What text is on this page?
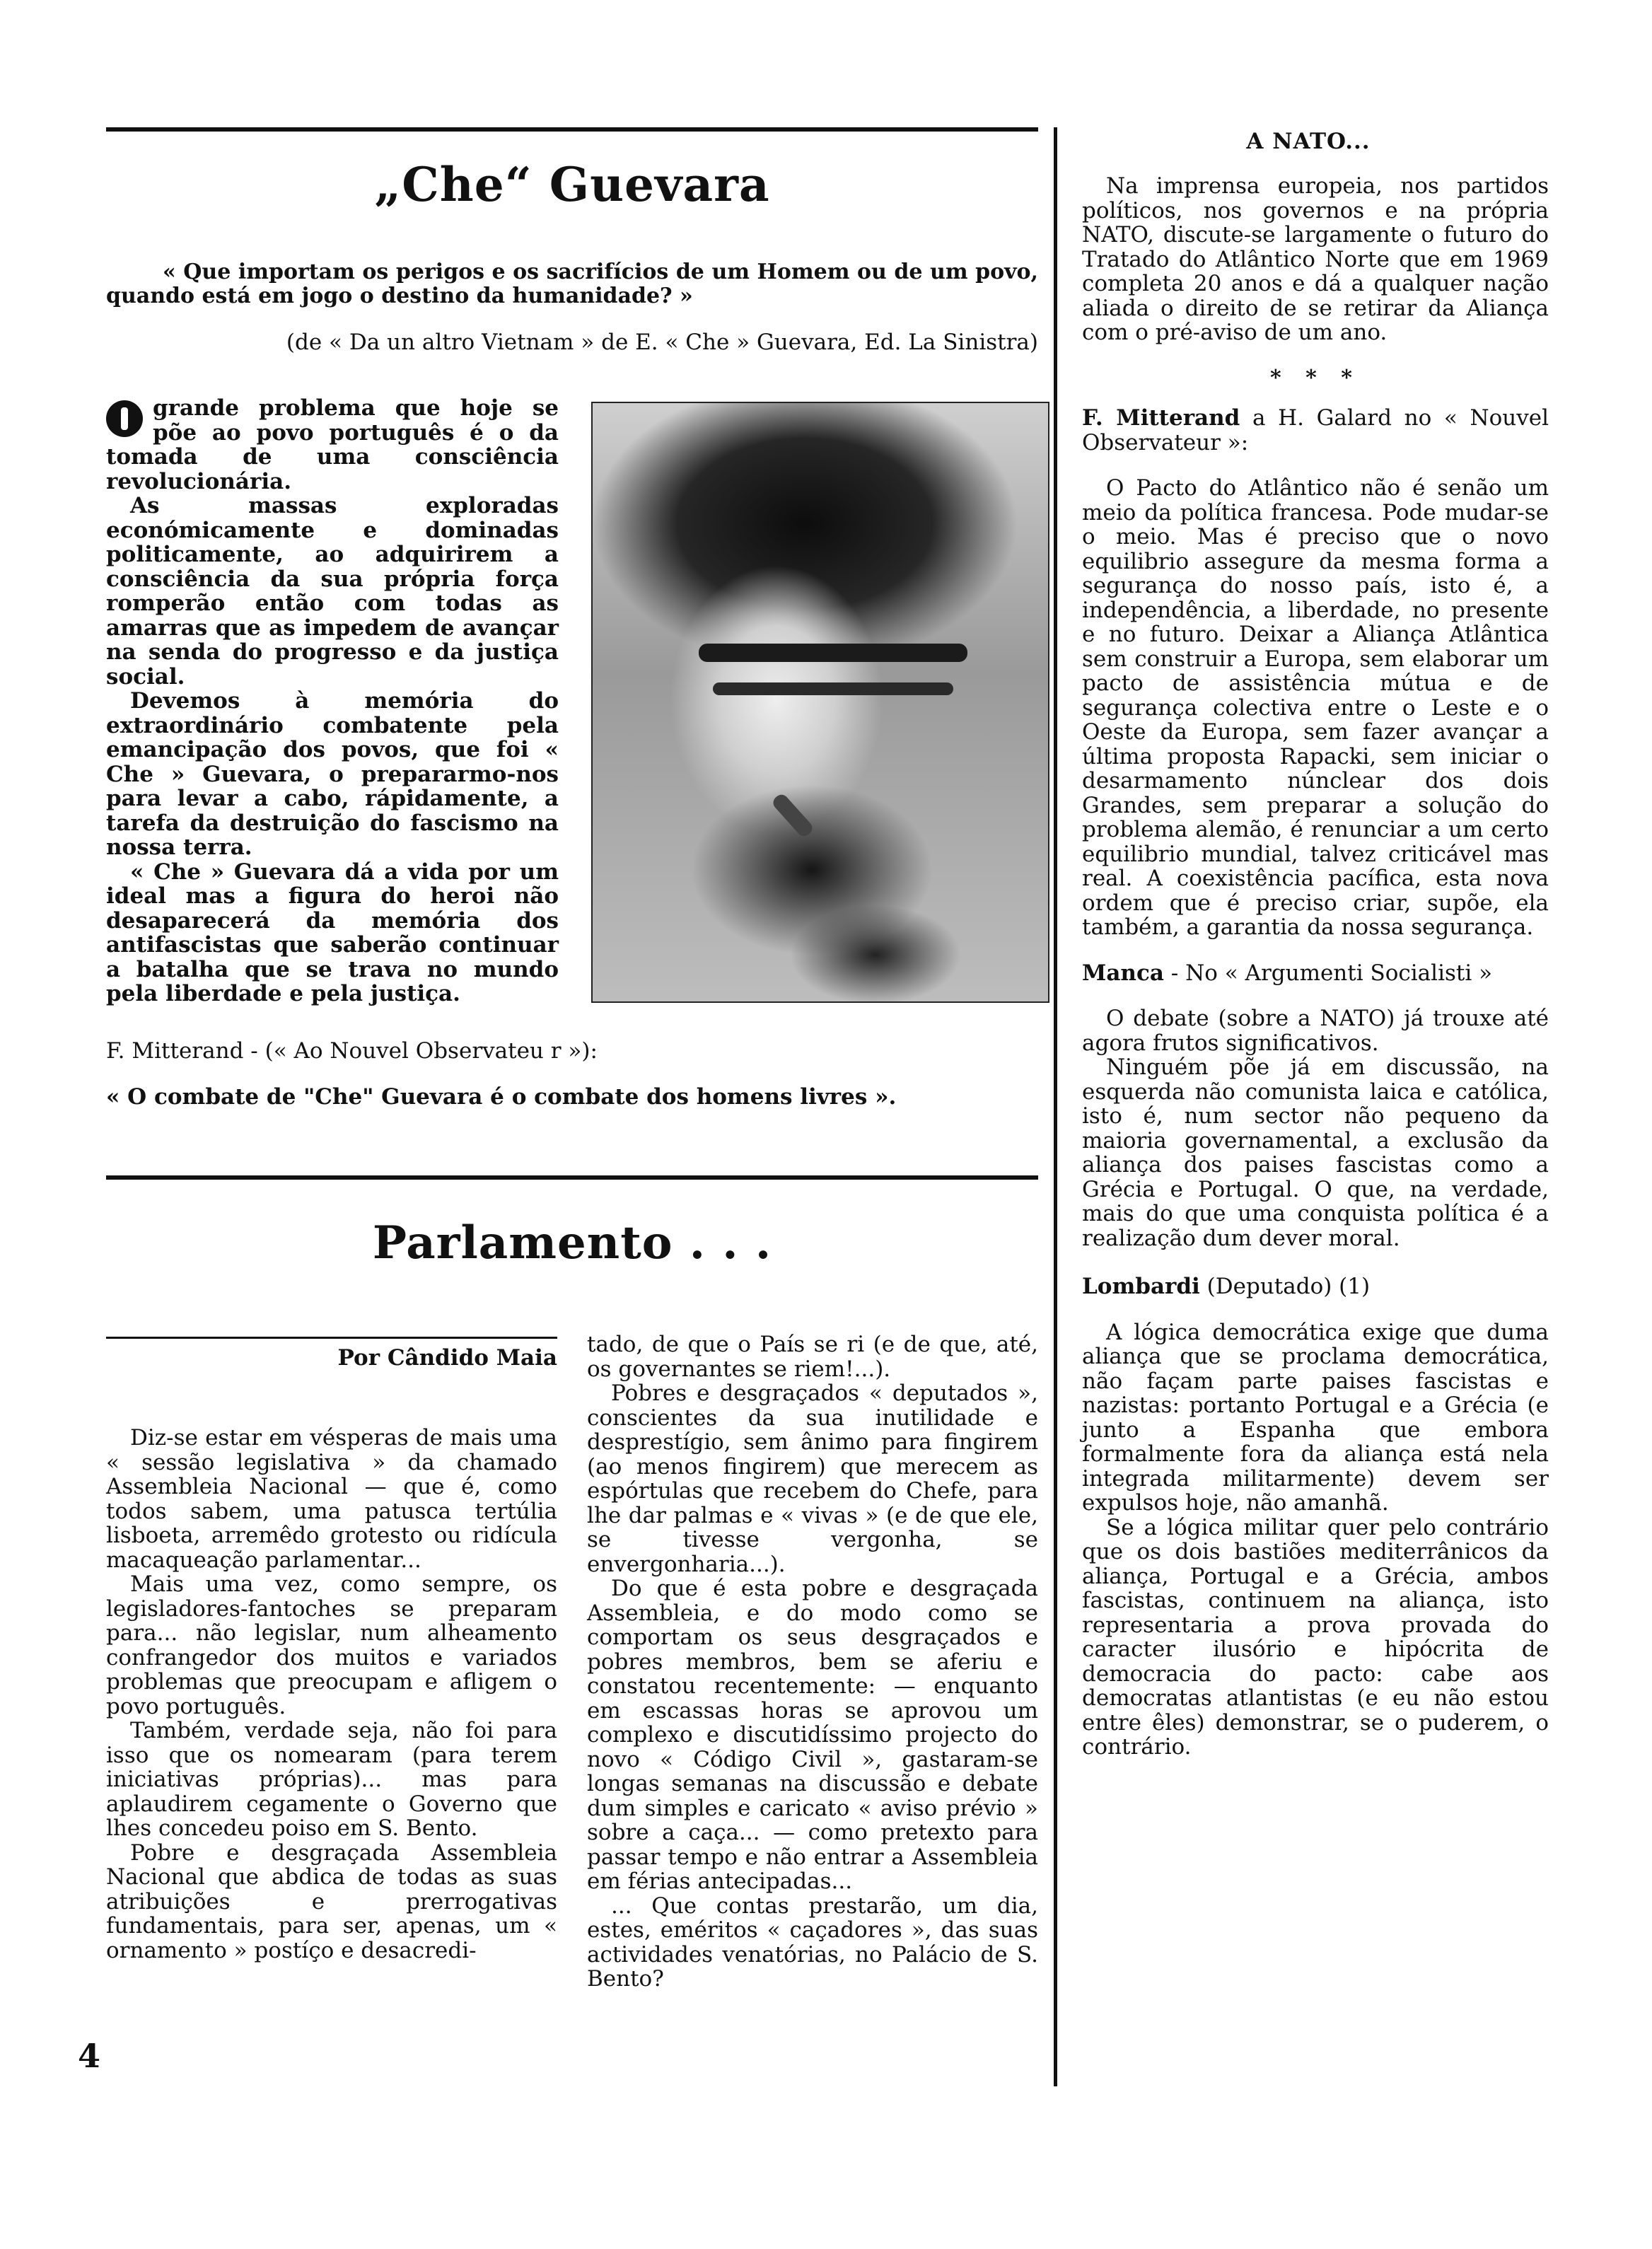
„Che“ Guevara
« Que importam os perigos e os sacrifícios de um Homem ou de um povo, quando está em jogo o destino da humanidade? »
(de « Da un altro Vietnam » de E. « Che » Guevara, Ed. La Sinistra)

grande problema que hoje se põe ao povo português é o da tomada de uma consciência revolucionária.

As massas exploradas económicamente e dominadas politicamente, ao adquirirem a consciência da sua própria força romperão então com todas as amarras que as impedem de avançar na senda do progresso e da justiça social.

Devemos à memória do extraordinário combatente pela emancipação dos povos, que foi « Che » Guevara, o prepararmo-nos para levar a cabo, rápidamente, a tarefa da destruição do fascismo na nossa terra.

« Che » Guevara dá a vida por um ideal mas a figura do heroi não desaparecerá da memória dos antifascistas que saberão continuar a batalha que se trava no mundo pela liberdade e pela justiça.

F. Mitterand - (« Ao Nouvel Observateu r »):
« O combate de "Che" Guevara é o combate dos homens livres ».
Parlamento . . .
Por Cândido Maia

Diz-se estar em vésperas de mais uma « sessão legislativa » da chamado Assembleia Nacional — que é, como todos sabem, uma patusca tertúlia lisboeta, arremêdo grotesto ou ridícula macaqueação parlamentar...

Mais uma vez, como sempre, os legisladores-fantoches se preparam para... não legislar, num alheamento confrangedor dos muitos e variados problemas que preocupam e afligem o povo português.

Também, verdade seja, não foi para isso que os nomearam (para terem iniciativas próprias)... mas para aplaudirem cegamente o Governo que lhes concedeu poiso em S. Bento.

Pobre e desgraçada Assembleia Nacional que abdica de todas as suas atribuições e prerrogativas fundamentais, para ser, apenas, um « ornamento » postíço e desacredi-

tado, de que o País se ri (e de que, até, os governantes se riem!...).

Pobres e desgraçados « deputados », conscientes da sua inutilidade e desprestígio, sem ânimo para fingirem (ao menos fingirem) que merecem as espórtulas que recebem do Chefe, para lhe dar palmas e « vivas » (e de que ele, se tivesse vergonha, se envergonharia...).

Do que é esta pobre e desgraçada Assembleia, e do modo como se comportam os seus desgraçados e pobres membros, bem se aferiu e constatou recentemente: — enquanto em escassas horas se aprovou um complexo e discutidíssimo projecto do novo « Código Civil », gastaram-se longas semanas na discussão e debate dum simples e caricato « aviso prévio » sobre a caça... — como pretexto para passar tempo e não entrar a Assembleia em férias antecipadas...

... Que contas prestarão, um dia, estes, eméritos « caçadores », das suas actividades venatórias, no Palácio de S. Bento?

A NATO...

Na imprensa europeia, nos partidos políticos, nos governos e na própria NATO, discute-se largamente o futuro do Tratado do Atlântico Norte que em 1969 completa 20 anos e dá a qualquer nação aliada o direito de se retirar da Aliança com o pré-aviso de um ano.

* * *

F. Mitterand a H. Galard no « Nouvel Observateur »:

O Pacto do Atlântico não é senão um meio da política francesa. Pode mudar-se o meio. Mas é preciso que o novo equilibrio assegure da mesma forma a segurança do nosso país, isto é, a independência, a liberdade, no presente e no futuro. Deixar a Aliança Atlântica sem construir a Europa, sem elaborar um pacto de assistência mútua e de segurança colectiva entre o Leste e o Oeste da Europa, sem fazer avançar a última proposta Rapacki, sem iniciar o desarmamento núnclear dos dois Grandes, sem preparar a solução do problema alemão, é renunciar a um certo equilibrio mundial, talvez criticável mas real. A coexistência pacífica, esta nova ordem que é preciso criar, supõe, ela também, a garantia da nossa segurança.

Manca - No « Argumenti Socialisti »

O debate (sobre a NATO) já trouxe até agora frutos significativos.

Ninguém põe já em discussão, na esquerda não comunista laica e católica, isto é, num sector não pequeno da maioria governamental, a exclusão da aliança dos paises fascistas como a Grécia e Portugal. O que, na verdade, mais do que uma conquista política é a realização dum dever moral.

Lombardi (Deputado) (1)

A lógica democrática exige que duma aliança que se proclama democrática, não façam parte paises fascistas e nazistas: portanto Portugal e a Grécia (e junto a Espanha que embora formalmente fora da aliança está nela integrada militarmente) devem ser expulsos hoje, não amanhã.

Se a lógica militar quer pelo contrário que os dois bastiões mediterrânicos da aliança, Portugal e a Grécia, ambos fascistas, continuem na aliança, isto representaria a prova provada do caracter ilusório e hipócrita de democracia do pacto: cabe aos democratas atlantistas (e eu não estou entre êles) demonstrar, se o puderem, o contrário.

4
